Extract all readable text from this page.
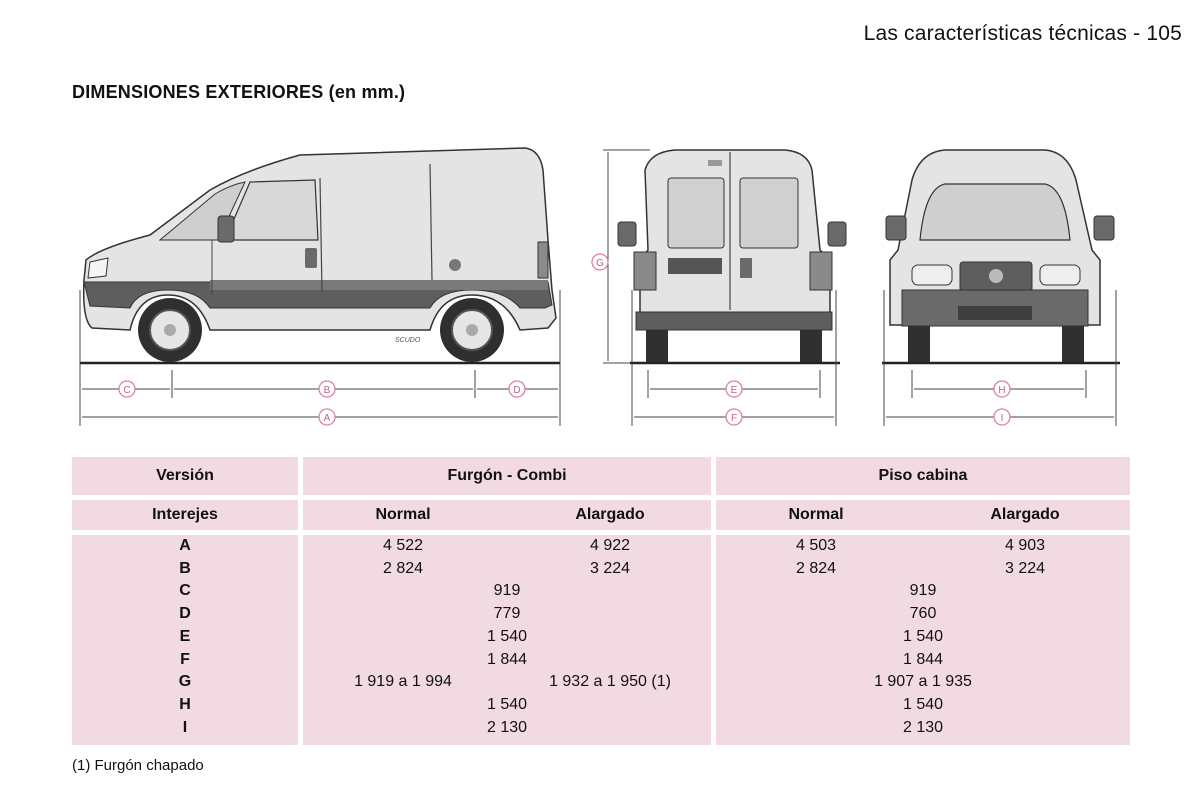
Las características técnicas - 105
DIMENSIONES EXTERIORES (en mm.)
SCUDO
C	B	D
A
G
E
F
H
I
Versión	Furgón - Combi	Piso cabina
Interejes	Normal	Alargado	Normal	Alargado
A	4 522	4 922	4 503	4 903
B	2 824	3 224	2 824	3 224
C	919	919
D	779	760
E	1 540	1 540
F	1 844	1 844
G	1 919 a 1 994	1 932 a 1 950 (1)	1 907 a 1 935
H	1 540	1 540
I	2 130	2 130
(1) Furgón chapado
